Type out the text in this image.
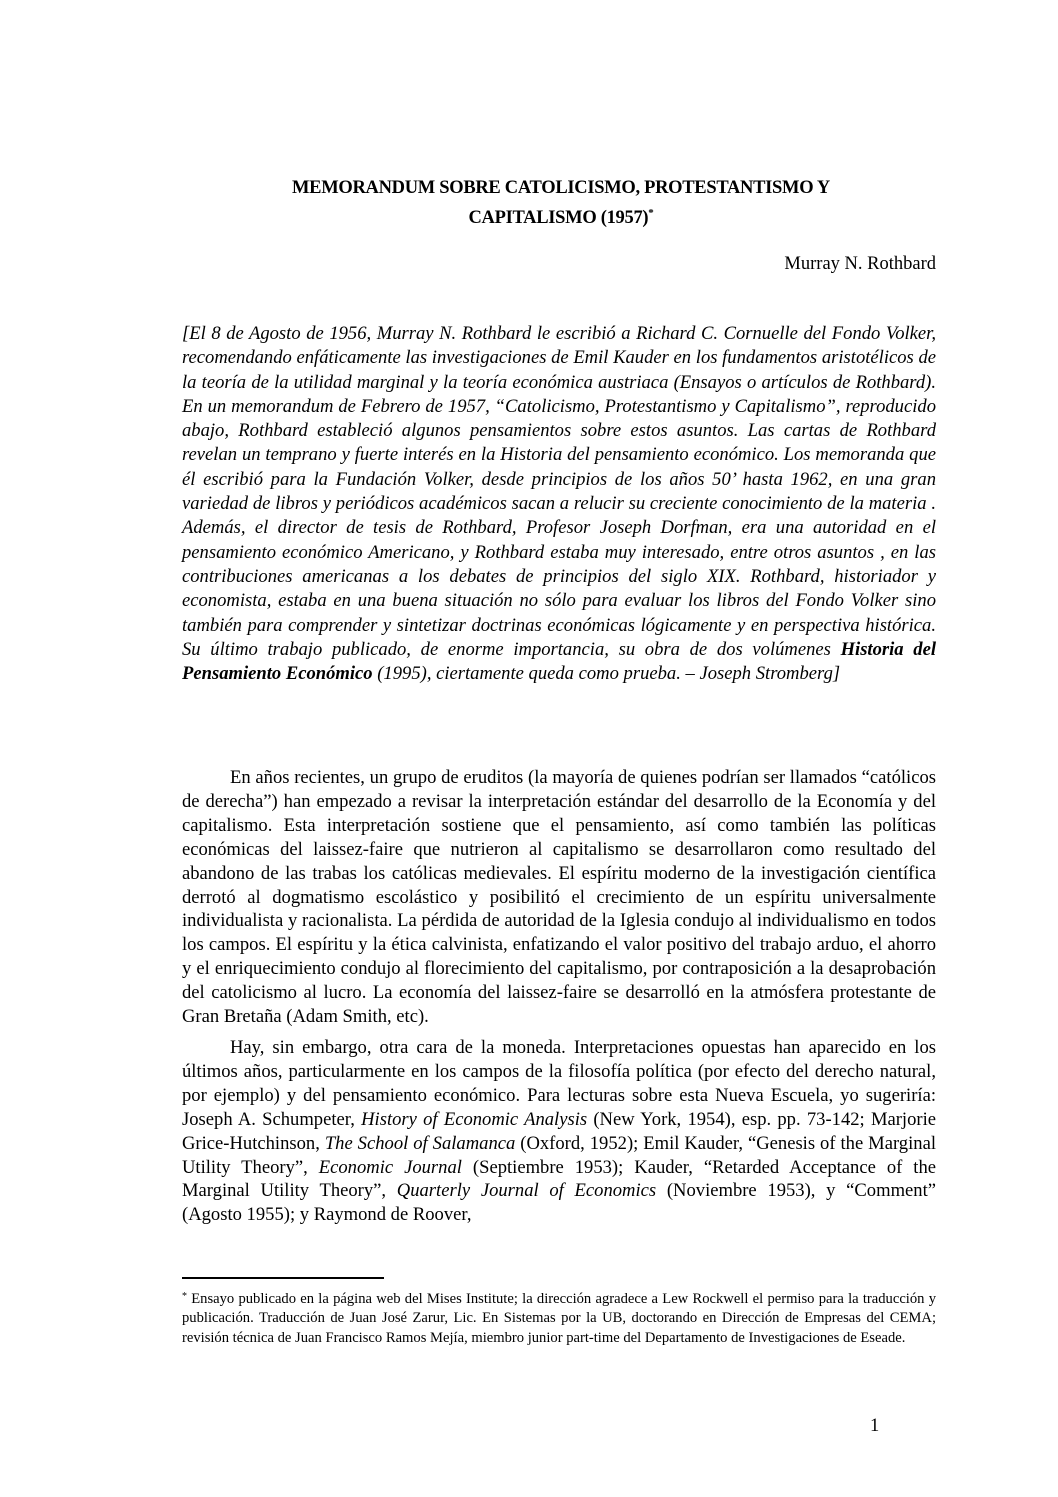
MEMORANDUM SOBRE CATOLICISMO, PROTESTANTISMO Y
CAPITALISMO (1957)*
Murray N. Rothbard
[El 8 de Agosto de 1956, Murray N. Rothbard le escribió a Richard C. Cornuelle del Fondo Volker, recomendando enfáticamente las investigaciones de Emil Kauder en los fundamentos aristotélicos de la teoría de la utilidad marginal y la teoría económica austriaca (Ensayos o artículos de Rothbard). En un memorandum de Febrero de 1957, “Catolicismo, Protestantismo y Capitalismo”, reproducido abajo, Rothbard estableció algunos pensamientos sobre estos asuntos. Las cartas de Rothbard revelan un temprano y fuerte interés en la Historia del pensamiento económico. Los memoranda que él escribió para la Fundación Volker, desde principios de los años 50’ hasta 1962, en una gran variedad de libros y periódicos académicos sacan a relucir su creciente conocimiento de la materia . Además, el director de tesis de Rothbard, Profesor Joseph Dorfman, era una autoridad en el pensamiento económico Americano, y Rothbard estaba muy interesado, entre otros asuntos , en las contribuciones americanas a los debates de principios del siglo XIX. Rothbard, historiador y economista, estaba en una buena situación no sólo para evaluar los libros del Fondo Volker sino también para comprender y sintetizar doctrinas económicas lógicamente y en perspectiva histórica. Su último trabajo publicado, de enorme importancia, su obra de dos volúmenes Historia del Pensamiento Económico (1995), ciertamente queda como prueba. – Joseph Stromberg]
En años recientes, un grupo de eruditos (la mayoría de quienes podrían ser llamados “católicos de derecha”) han empezado a revisar la interpretación estándar del desarrollo de la Economía y del capitalismo. Esta interpretación sostiene que el pensamiento, así como también las políticas económicas del laissez-faire que nutrieron al capitalismo se desarrollaron como resultado del abandono de las trabas los católicas medievales. El espíritu moderno de la investigación científica derrotó al dogmatismo escolástico y posibilitó el crecimiento de un espíritu universalmente individualista y racionalista. La pérdida de autoridad de la Iglesia condujo al individualismo en todos los campos. El espíritu y la ética calvinista, enfatizando el valor positivo del trabajo arduo, el ahorro y el enriquecimiento condujo al florecimiento del capitalismo, por contraposición a la desaprobación del catolicismo al lucro. La economía del laissez-faire se desarrolló en la atmósfera protestante de Gran Bretaña (Adam Smith, etc).
Hay, sin embargo, otra cara de la moneda. Interpretaciones opuestas han aparecido en los últimos años, particularmente en los campos de la filosofía política (por efecto del derecho natural, por ejemplo) y del pensamiento económico. Para lecturas sobre esta Nueva Escuela, yo sugeriría: Joseph A. Schumpeter, History of Economic Analysis (New York, 1954), esp. pp. 73-142; Marjorie Grice-Hutchinson, The School of Salamanca (Oxford, 1952); Emil Kauder, “Genesis of the Marginal Utility Theory”, Economic Journal (Septiembre 1953); Kauder, “Retarded Acceptance of the Marginal Utility Theory”, Quarterly Journal of Economics (Noviembre 1953), y “Comment” (Agosto 1955); y Raymond de Roover,
* Ensayo publicado en la página web del Mises Institute; la dirección agradece a Lew Rockwell el permiso para la traducción y publicación. Traducción de Juan José Zarur, Lic. En Sistemas por la UB, doctorando en Dirección de Empresas del CEMA; revisión técnica de Juan Francisco Ramos Mejía, miembro junior part-time del Departamento de Investigaciones de Eseade.
1
